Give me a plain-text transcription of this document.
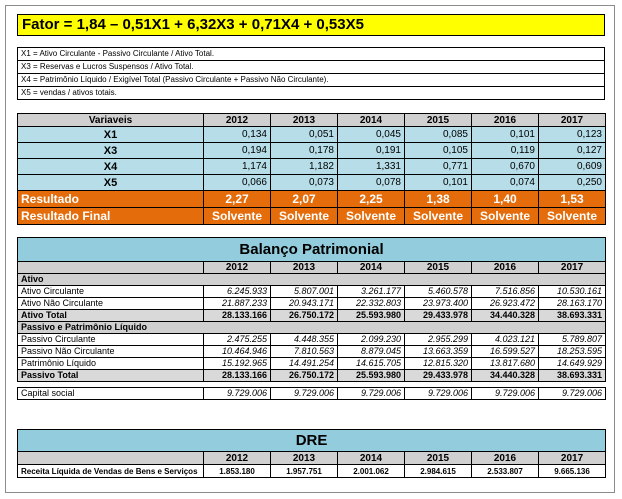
Fator = 1,84 – 0,51X1 + 6,32X3 + 0,71X4 + 0,53X5
X1 = Ativo Circulante - Passivo Circulante / Ativo Total.
X3 = Reservas e Lucros Suspensos / Ativo Total.
X4 = Patrimônio Líquido / Exigível Total (Passivo Circulante + Passivo Não Circulante).
X5 = vendas / ativos totais.
Variaveis	2012	2013	2014	2015	2016	2017
X1	0,134	0,051	0,045	0,085	0,101	0,123
X3	0,194	0,178	0,191	0,105	0,119	0,127
X4	1,174	1,182	1,331	0,771	0,670	0,609
X5	0,066	0,073	0,078	0,101	0,074	0,250
Resultado	2,27	2,07	2,25	1,38	1,40	1,53
Resultado Final	Solvente	Solvente	Solvente	Solvente	Solvente	Solvente
Balanço Patrimonial						
	2012	2013	2014	2015	2016	2017
Ativo						
Ativo Circulante	6.245.933	5.807.001	3.261.177	5.460.578	7.516.856	10.530.161
Ativo Não Circulante	21.887.233	20.943.171	22.332.803	23.973.400	26.923.472	28.163.170
Ativo Total	28.133.166	26.750.172	25.593.980	29.433.978	34.440.328	38.693.331
Passivo e Patrimônio Líquido						
Passivo Circulante	2.475.255	4.448.355	2.099.230	2.955.299	4.023.121	5.789.807
Passivo Não Circulante	10.464.946	7.810.563	8.879.045	13.663.359	16.599.527	18.253.595
Patrimônio Líquido	15.192.965	14.491.254	14.615.705	12.815.320	13.817.680	14.649.929
Passivo Total	28.133.166	26.750.172	25.593.980	29.433.978	34.440.328	38.693.331

Capital social	9.729.006	9.729.006	9.729.006	9.729.006	9.729.006	9.729.006
DRE						
	2012	2013	2014	2015	2016	2017
Receita Líquida de Vendas de Bens e Serviços	1.853.180	1.957.751	2.001.062	2.984.615	2.533.807	9.665.136
